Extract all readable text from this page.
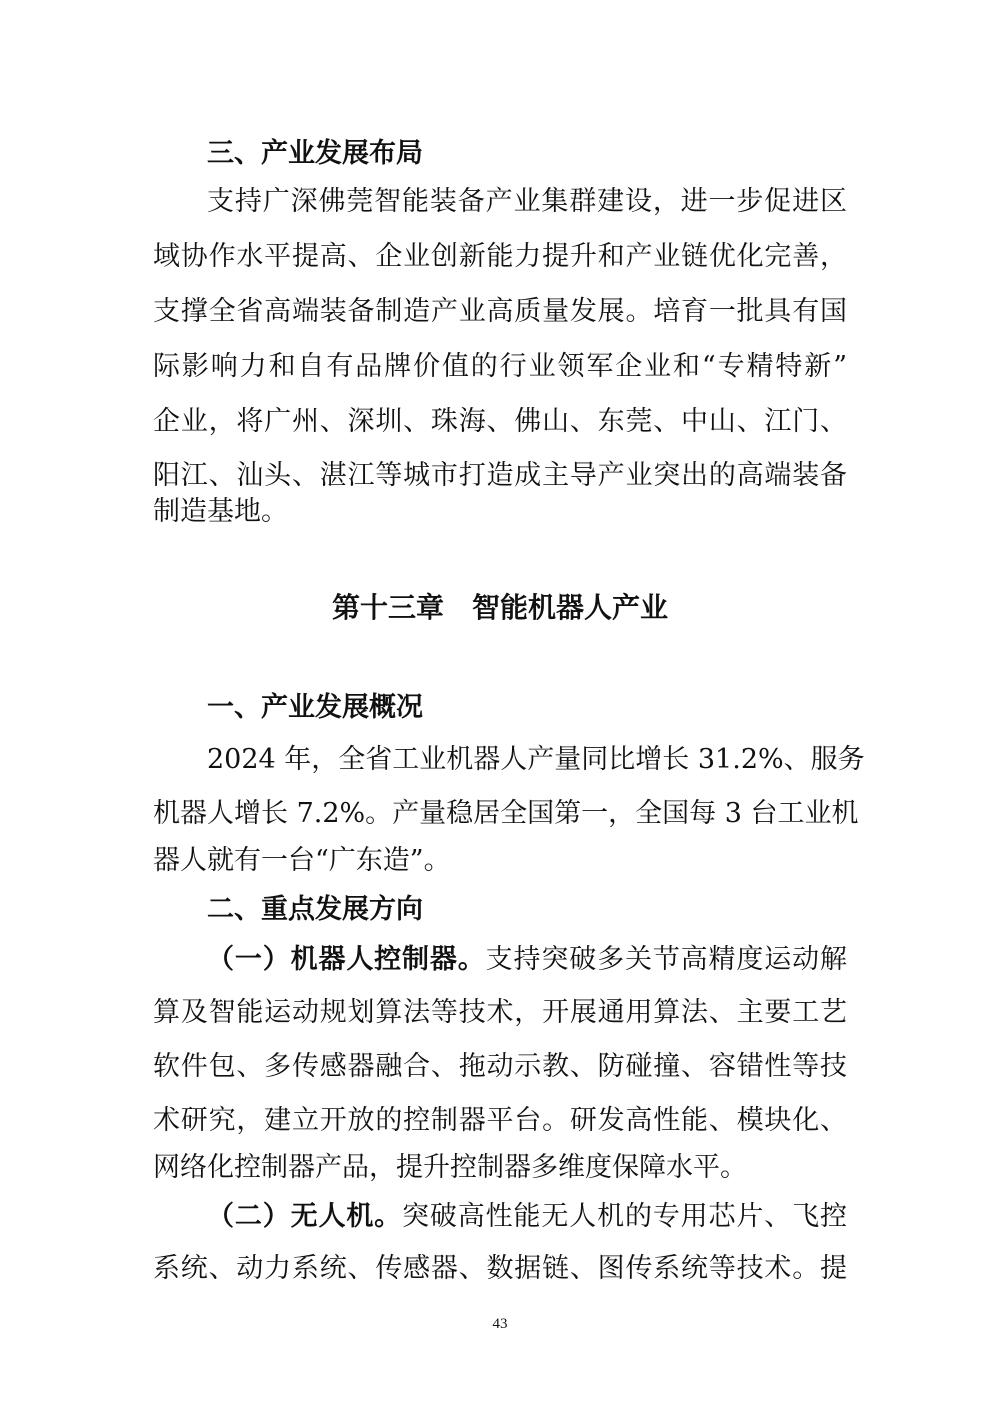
三、产业发展布局

支持广深佛莞智能装备产业集群建设，进一步促进区

域协作水平提高、企业创新能力提升和产业链优化完善，

支撑全省高端装备制造产业高质量发展。培育一批具有国

际影响力和自有品牌价值的行业领军企业和“专精特新”

企业，将广州、深圳、珠海、佛山、东莞、中山、江门、

阳江、汕头、湛江等城市打造成主导产业突出的高端装备

制造基地。

第十三章 智能机器人产业

一、产业发展概况

2024 年，全省工业机器人产量同比增长 31.2%、服务

机器人增长 7.2%。产量稳居全国第一，全国每 3 台工业机

器人就有一台“广东造”。

二、重点发展方向

（一）机器人控制器。支持突破多关节高精度运动解

算及智能运动规划算法等技术，开展通用算法、主要工艺

软件包、多传感器融合、拖动示教、防碰撞、容错性等技

术研究，建立开放的控制器平台。研发高性能、模块化、

网络化控制器产品，提升控制器多维度保障水平。

（二）无人机。突破高性能无人机的专用芯片、飞控

系统、动力系统、传感器、数据链、图传系统等技术。提

43
